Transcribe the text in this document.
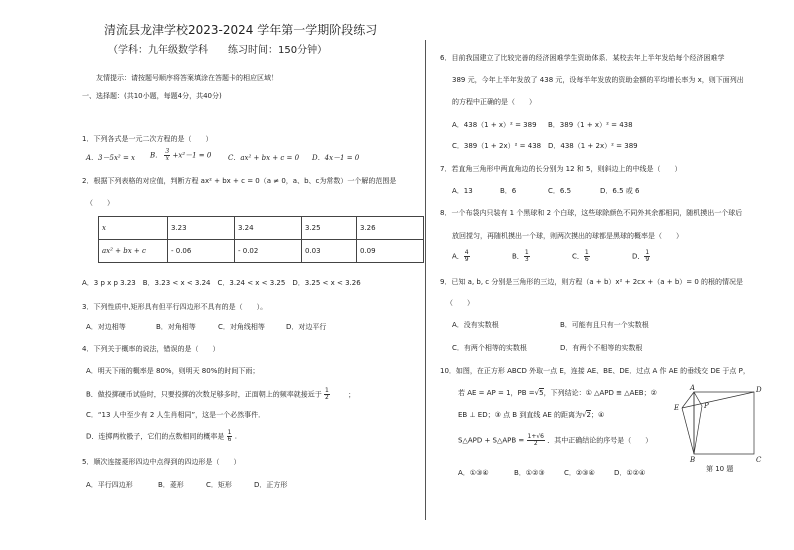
清流县龙津学校2023-2024 学年第一学期阶段练习
（学科：九年级数学科　　练习时间：150分钟）
友情提示：请按题号顺序将答案填涂在答题卡的相应区域！
一、选择题：(共10小题，每题4分，共40分)
1．下列各式是一元二次方程的是（　　）
A．3－5x² = x B． $\frac{3}{x} +x^2-1 = 0$ C．ax² + bx + c = 0 D．4x－1 = 0
2．根据下列表格的对应值，判断方程 ax² + bx + c = 0（a ≠ 0，a、b、c为常数）一个解的范围是
（　　）
x	3.23	3.24	3.25	3.26
ax² + bx + c	- 0.06	- 0.02	0.03	0.09
A．3 p x p 3.23　B．3.23 < x < 3.24　C．3.24 < x < 3.25　D．3.25 < x < 3.26
3．下列性质中,矩形具有但平行四边形不具有的是（　　）。
A．对边相等	B．对角相等	C．对角线相等	D．对边平行
4．下列关于概率的说法，错误的是（　　）
A．明天下雨的概率是 80%，则明天 80%的时间下雨；
B．做投掷硬币试验时，只要投掷的次数足够多时，正面朝上的频率就接近于 $\frac{1}{2}$	；
C．“13 人中至少有 2 人生肖相同”，这是一个必然事件．
D．连掷两枚骰子，它们的点数相同的概率是 $\frac{1}{6}$ .
5．顺次连接菱形四边中点得到的四边形是（　　）
A．平行四边形	B．菱形	C．矩形	D．正方形
6．目前我国建立了比较完善的经济困难学生资助体系．某校去年上半年发给每个经济困难学
389 元，今年上半年发放了 438 元，设每半年发放的资助金额的平均增长率为 x，则下面列出
的方程中正确的是（　　）
A．438（1 + x）² = 389 B．389（1 + x）² = 438
C．389（1 + 2x）² = 438 D．438（1 + 2x）² = 389
7．若直角三角形中两直角边的长分别为 12 和 5，则斜边上的中线是（　　）
A．13	B．6	C．6.5	D．6.5 或 6
8．一个布袋内只装有 1 个黑球和 2 个白球，这些球除颜色不同外其余都相同，随机摸出一个球后
放回搅匀，再随机摸出一个球，则两次摸出的球都是黑球的概率是（　　）
A． $\frac{4}{9}$	B． $\frac{1}{3}$	C． $\frac{1}{6}$	D． $\frac{1}{9}$
9．已知 a, b, c 分别是三角形的三边，则方程（a + b）x² + 2cx +（a + b）= 0 的根的情况是
（　　）
A．没有实数根	B．可能有且只有一个实数根
C．有两个相等的实数根	D．有两个不相等的实数根
10．如图，在正方形 ABCD 外取一点 E，连接 AE、BE、DE．过点 A 作 AE 的垂线交 DE 于点 P，
若 AE = AP = 1，PB =√5，下列结论：① △APD ≌ △AEB；②
EB ⊥ ED；③ 点 B 到直线 AE 的距离为√2；④
S△APD + S△APB = $\frac{1+√6}{2}$ ．其中正确结论的序号是（　　）
A．①③④	B．①②③	C．②③④	D．①②④
A	D
E	P
B	C
第 10 题
